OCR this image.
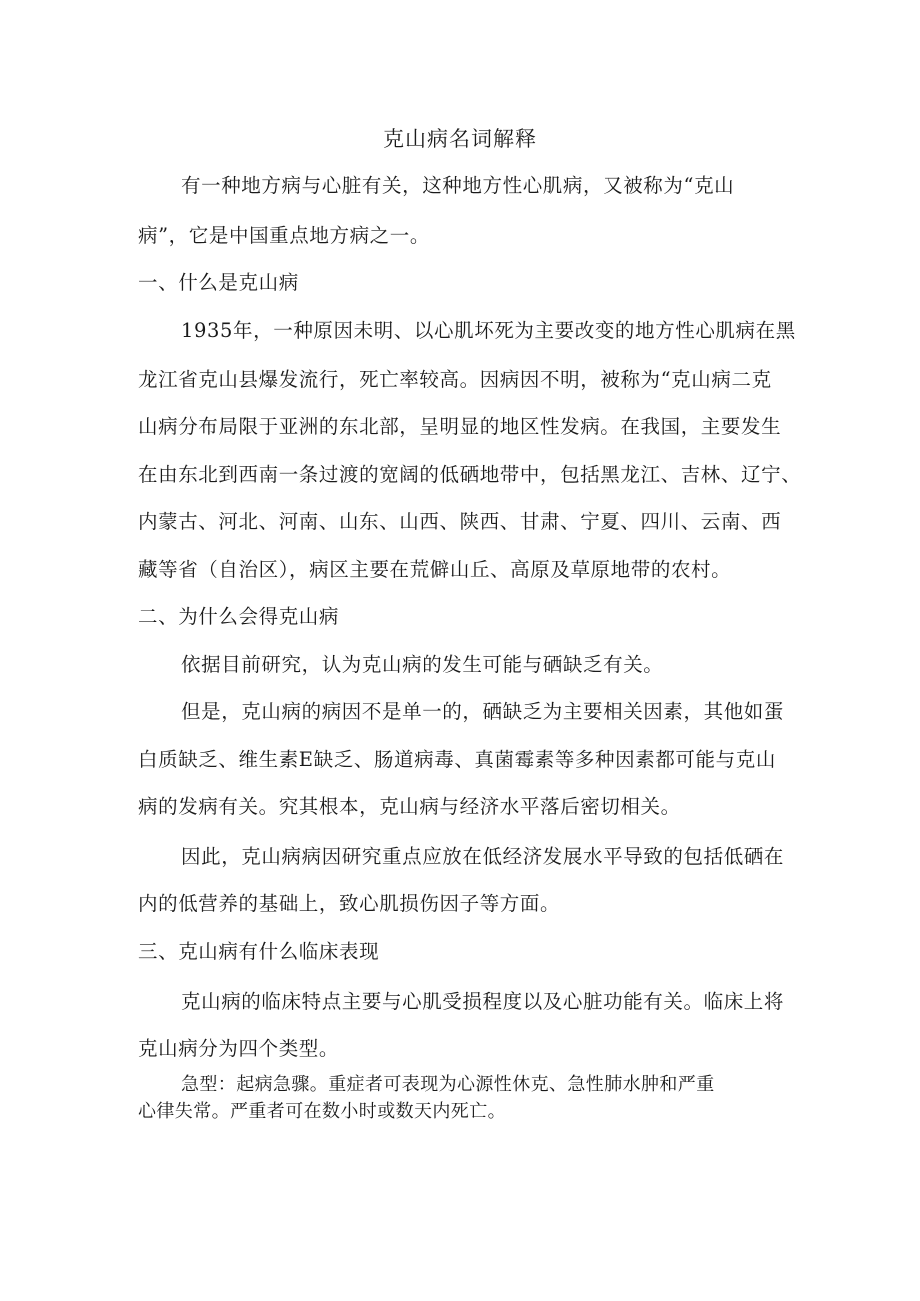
克山病名词解释

有一种地方病与心脏有关，这种地方性心肌病，又被称为“克山

病”，它是中国重点地方病之一。

一、什么是克山病

1935年，一种原因未明、以心肌坏死为主要改变的地方性心肌病在黑

龙江省克山县爆发流行，死亡率较高。因病因不明，被称为“克山病二克

山病分布局限于亚洲的东北部，呈明显的地区性发病。在我国，主要发生

在由东北到西南一条过渡的宽阔的低硒地带中，包括黑龙江、吉林、辽宁、

内蒙古、河北、河南、山东、山西、陕西、甘肃、宁夏、四川、云南、西

藏等省（自治区），病区主要在荒僻山丘、高原及草原地带的农村。

二、为什么会得克山病

依据目前研究，认为克山病的发生可能与硒缺乏有关。

但是，克山病的病因不是单一的，硒缺乏为主要相关因素，其他如蛋

白质缺乏、维生素E缺乏、肠道病毒、真菌霉素等多种因素都可能与克山

病的发病有关。究其根本，克山病与经济水平落后密切相关。

因此，克山病病因研究重点应放在低经济发展水平导致的包括低硒在

内的低营养的基础上，致心肌损伤因子等方面。

三、克山病有什么临床表现

克山病的临床特点主要与心肌受损程度以及心脏功能有关。临床上将

克山病分为四个类型。

急型：起病急骤。重症者可表现为心源性休克、急性肺水肿和严重

心律失常。严重者可在数小时或数天内死亡。
